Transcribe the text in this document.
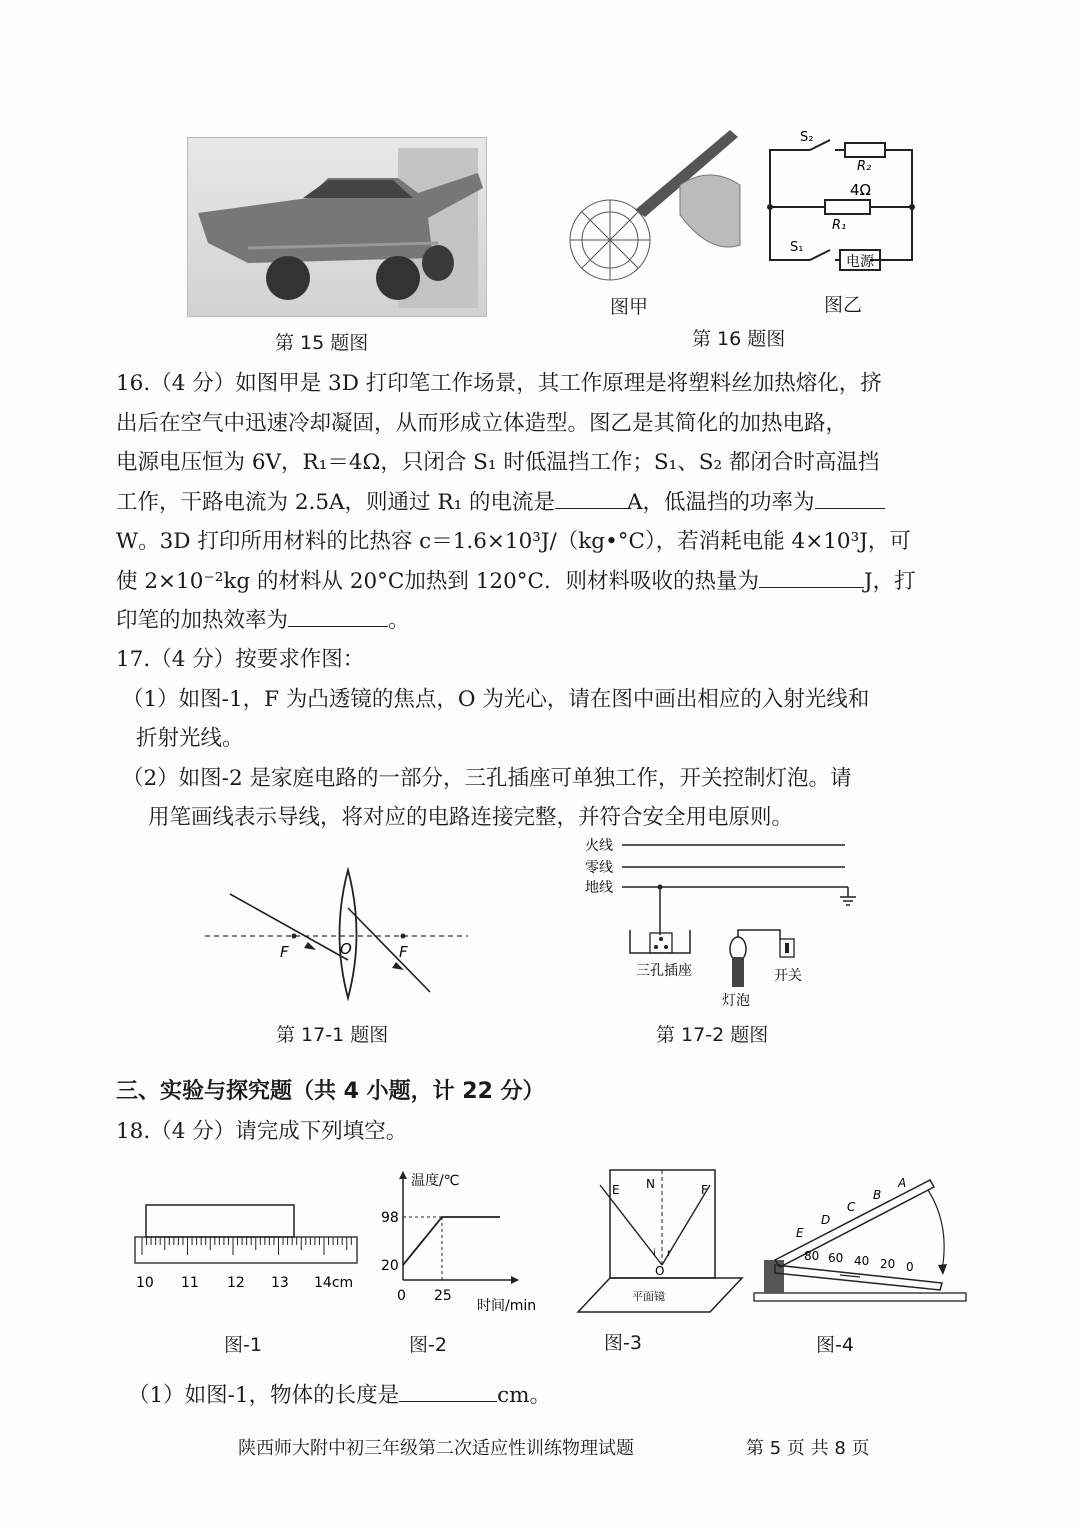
第 15 题图
图甲
S₂
R₂
4Ω
R₁
S₁
电源
图乙
第 16 题图

16.（4 分）如图甲是 3D 打印笔工作场景，其工作原理是将塑料丝加热熔化，挤

出后在空气中迅速冷却凝固，从而形成立体造型。图乙是其简化的加热电路，

电源电压恒为 6V，R₁＝4Ω，只闭合 S₁ 时低温挡工作；S₁、S₂ 都闭合时高温挡

工作，干路电流为 2.5A，则通过 R₁ 的电流是	A，低温挡的功率为

W。3D 打印所用材料的比热容 c＝1.6×10³J/（kg•°C），若消耗电能 4×10³J，可

使 2×10⁻²kg 的材料从 20°C加热到 120°C．则材料吸收的热量为	J，打

印笔的加热效率为	。

17.（4 分）按要求作图：

（1）如图-1，F 为凸透镜的焦点，O 为光心，请在图中画出相应的入射光线和

折射光线。

（2）如图-2 是家庭电路的一部分，三孔插座可单独工作，开关控制灯泡。请

用笔画线表示导线，将对应的电路连接完整，并符合安全用电原则。

F	O	F
第 17-1 题图
火线
零线
地线
三孔插座
灯泡
开关
第 17-2 题图
三、实验与探究题（共 4 小题，计 22 分）
18.（4 分）请完成下列填空。
10 11 12 13 14cm
图-1
温度/℃
98
20
0 25
时间/min
图-2
E N	F
i r
O
平面镜
图-3
A
B
C
D
E
80 60 40 20 0
图-4
（1）如图-1，物体的长度是	cm。
陕西师大附中初三年级第二次适应性训练物理试题	第 5 页 共 8 页
